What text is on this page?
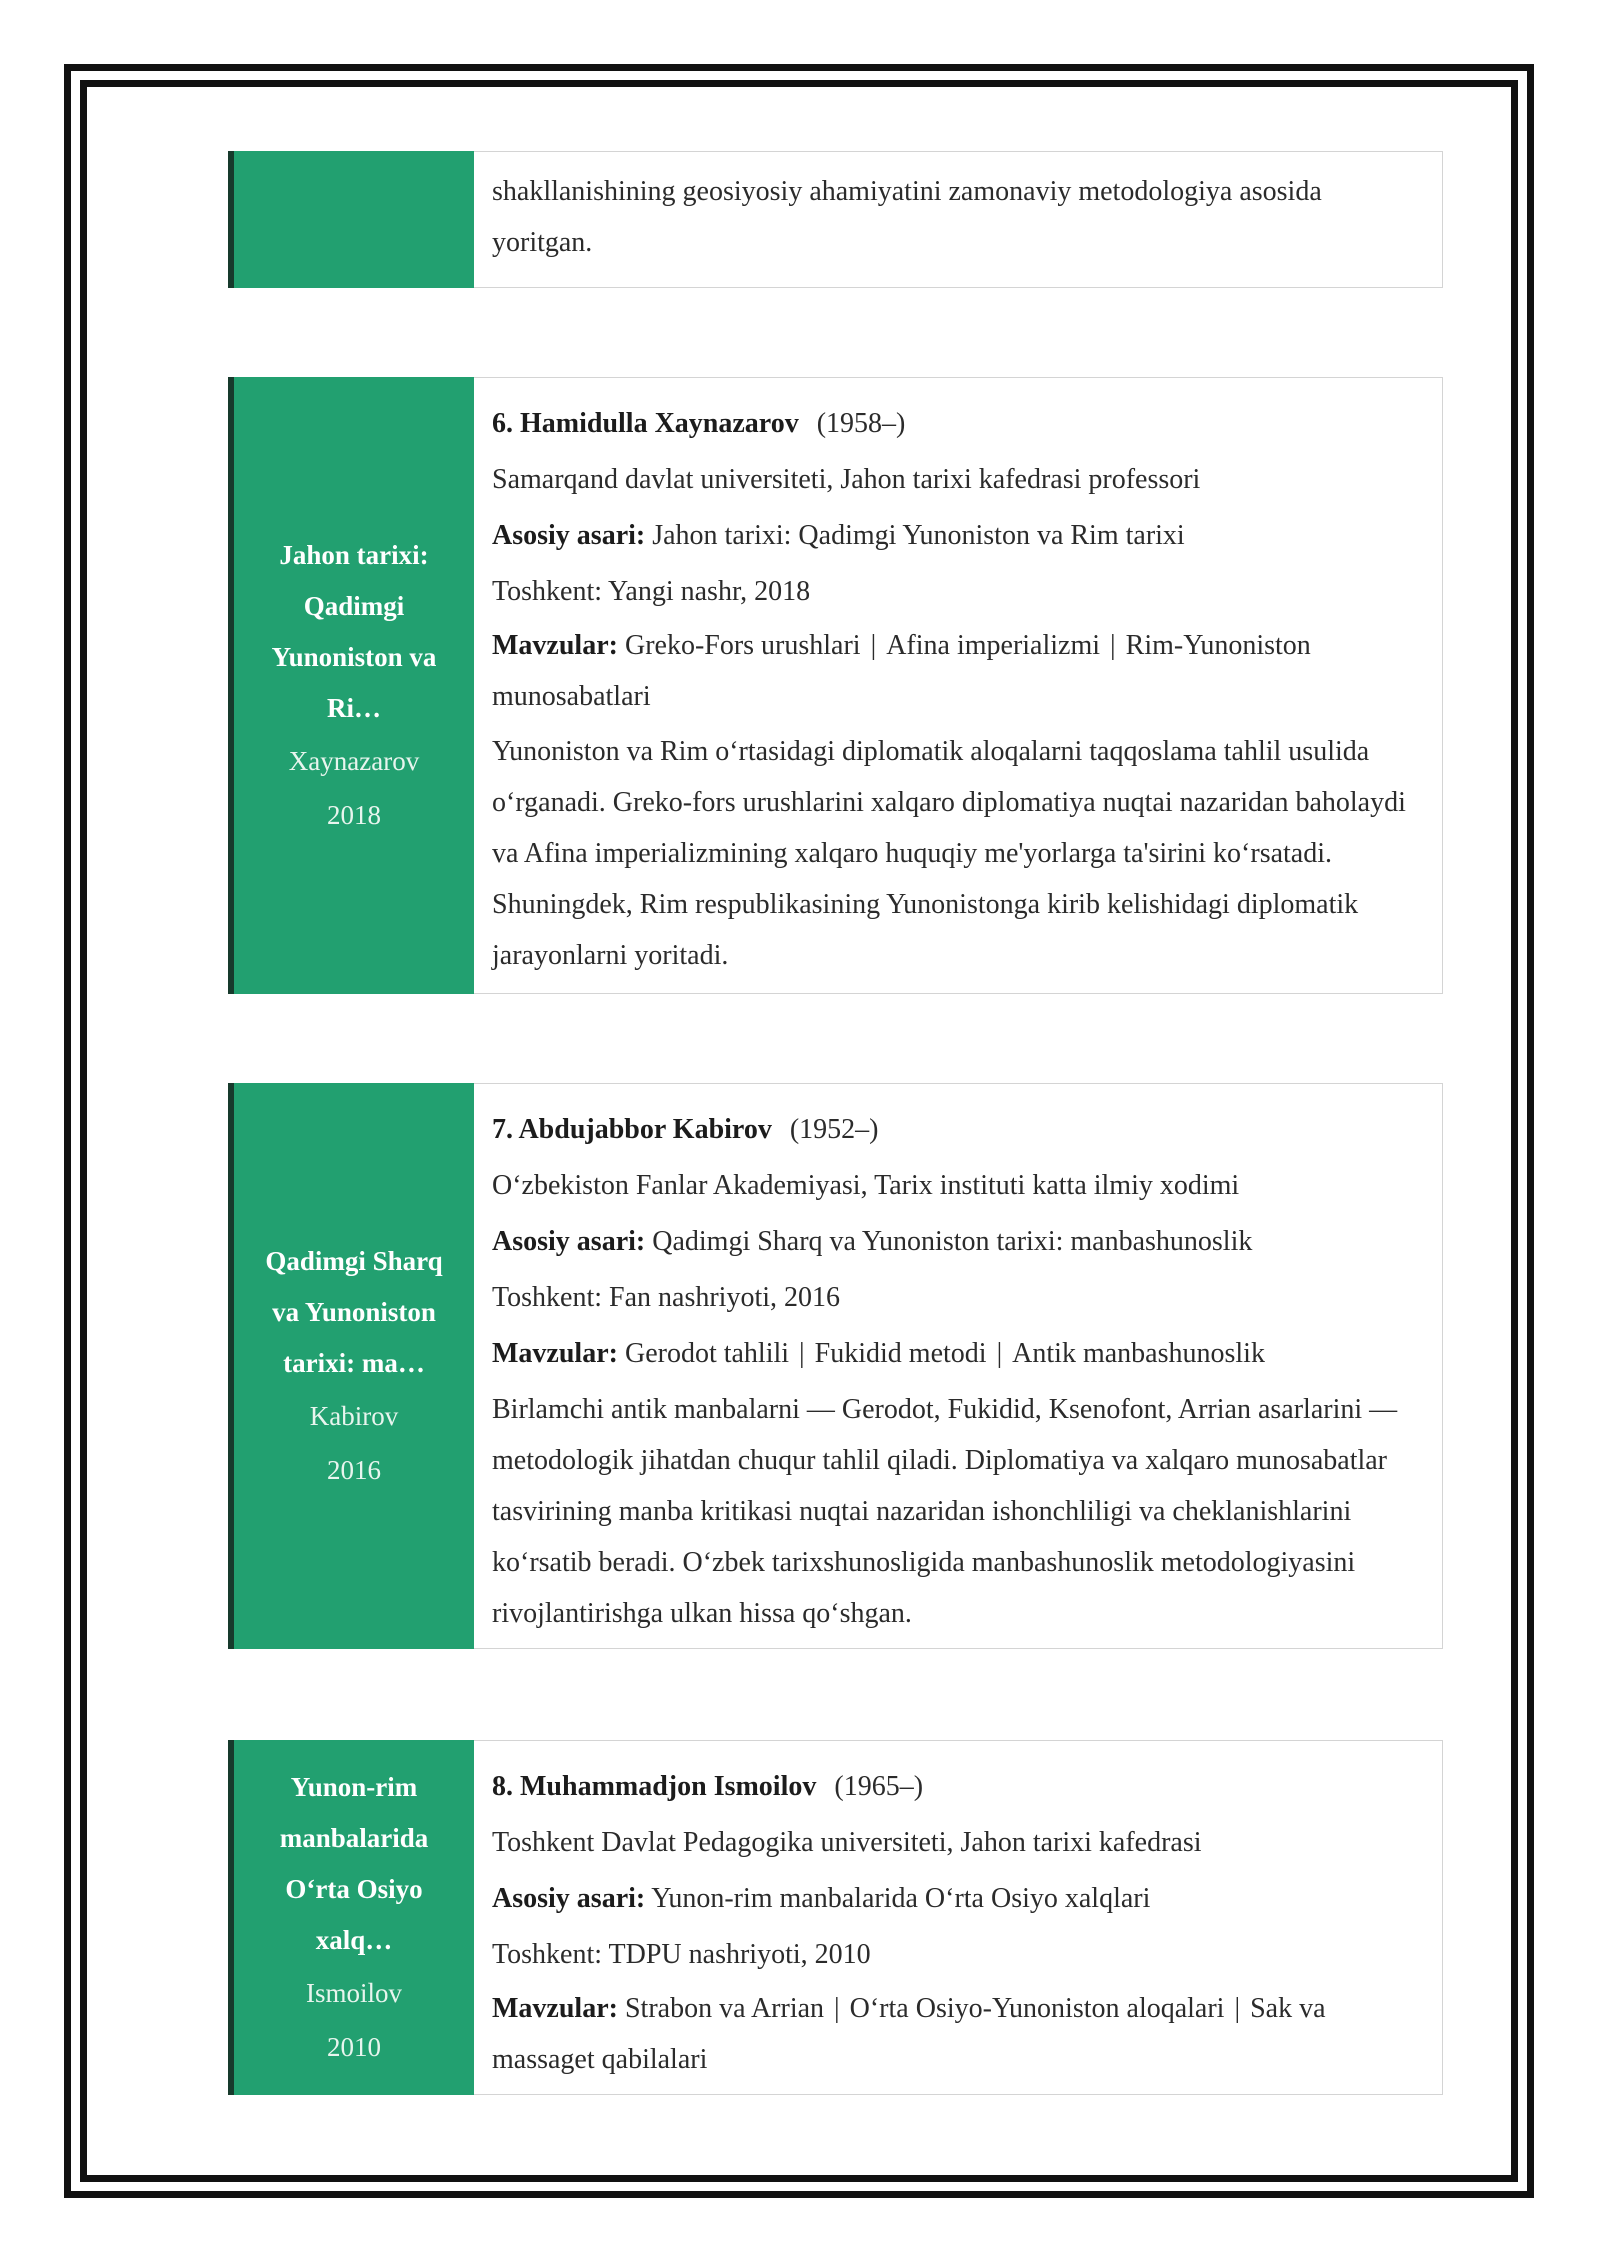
shakllanishining geosiyosiy ahamiyatini zamonaviy metodologiya asosida yoritgan.
Jahon tarixi: Qadimgi Yunoniston va Ri…
Xaynazarov
2018
6. Hamidulla Xaynazarov (1958–)
Samarqand davlat universiteti, Jahon tarixi kafedrasi professori
Asosiy asari: Jahon tarixi: Qadimgi Yunoniston va Rim tarixi
Toshkent: Yangi nashr, 2018
Mavzular: Greko-Fors urushlari | Afina imperializmi | Rim-Yunoniston munosabatlari
Yunoniston va Rim o‘rtasidagi diplomatik aloqalarni taqqoslama tahlil usulida o‘rganadi. Greko-fors urushlarini xalqaro diplomatiya nuqtai nazaridan baholaydi va Afina imperializmining xalqaro huquqiy me'yorlarga ta'sirini ko‘rsatadi. Shuningdek, Rim respublikasining Yunonistonga kirib kelishidagi diplomatik jarayonlarni yoritadi.
Qadimgi Sharq va Yunoniston tarixi: ma…
Kabirov
2016
7. Abdujabbor Kabirov (1952–)
O‘zbekiston Fanlar Akademiyasi, Tarix instituti katta ilmiy xodimi
Asosiy asari: Qadimgi Sharq va Yunoniston tarixi: manbashunoslik
Toshkent: Fan nashriyoti, 2016
Mavzular: Gerodot tahlili | Fukidid metodi | Antik manbashunoslik
Birlamchi antik manbalarni — Gerodot, Fukidid, Ksenofont, Arrian asarlarini — metodologik jihatdan chuqur tahlil qiladi. Diplomatiya va xalqaro munosabatlar tasvirining manba kritikasi nuqtai nazaridan ishonchliligi va cheklanishlarini ko‘rsatib beradi. O‘zbek tarixshunosligida manbashunoslik metodologiyasini rivojlantirishga ulkan hissa qo‘shgan.
Yunon-rim manbalarida O‘rta Osiyo xalq…
Ismoilov
2010
8. Muhammadjon Ismoilov (1965–)
Toshkent Davlat Pedagogika universiteti, Jahon tarixi kafedrasi
Asosiy asari: Yunon-rim manbalarida O‘rta Osiyo xalqlari
Toshkent: TDPU nashriyoti, 2010
Mavzular: Strabon va Arrian | O‘rta Osiyo-Yunoniston aloqalari | Sak va massaget qabilalari
